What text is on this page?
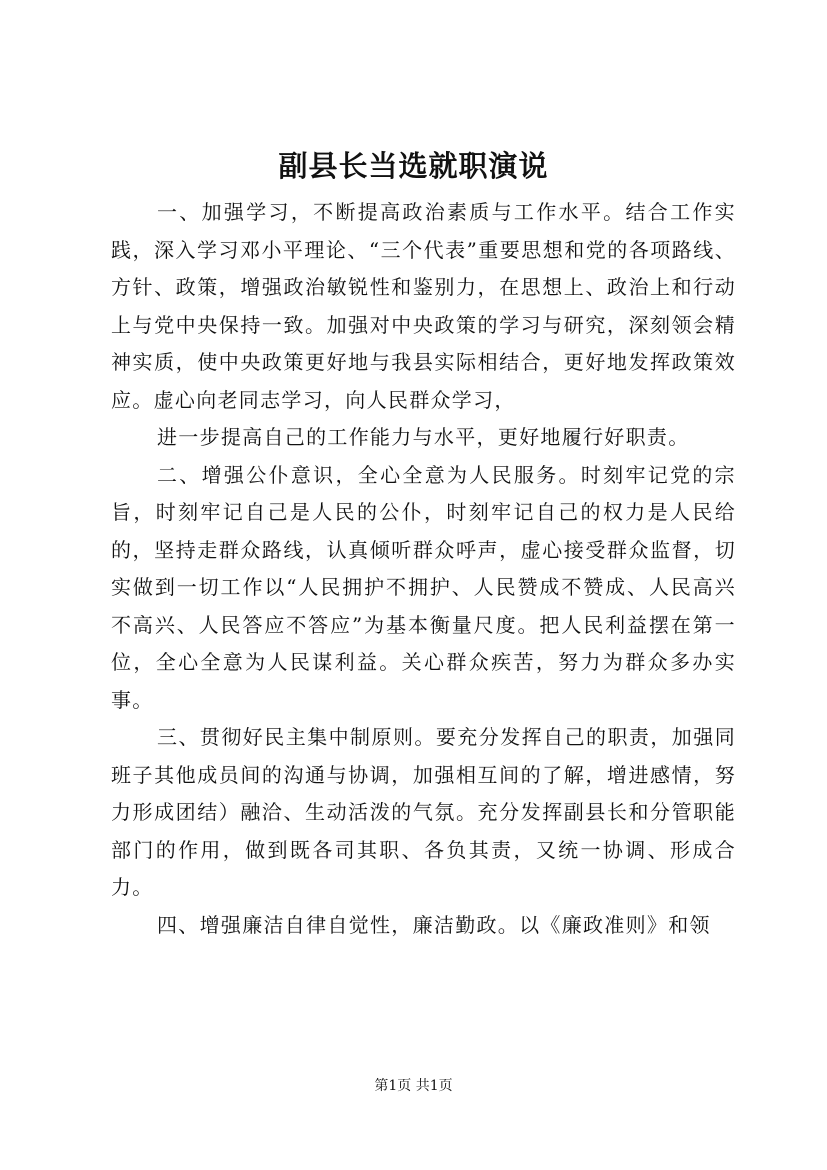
副县长当选就职演说

一、加强学习，不断提高政治素质与工作水平。结合工作实践，深入学习邓小平理论、“三个代表”重要思想和党的各项路线、方针、政策，增强政治敏锐性和鉴别力，在思想上、政治上和行动上与党中央保持一致。加强对中央政策的学习与研究，深刻领会精神实质，使中央政策更好地与我县实际相结合，更好地发挥政策效应。虚心向老同志学习，向人民群众学习，

进一步提高自己的工作能力与水平，更好地履行好职责。

二、增强公仆意识，全心全意为人民服务。时刻牢记党的宗旨，时刻牢记自己是人民的公仆，时刻牢记自己的权力是人民给的，坚持走群众路线，认真倾听群众呼声，虚心接受群众监督，切实做到一切工作以“人民拥护不拥护、人民赞成不赞成、人民高兴不高兴、人民答应不答应”为基本衡量尺度。把人民利益摆在第一位，全心全意为人民谋利益。关心群众疾苦，努力为群众多办实事。

三、贯彻好民主集中制原则。要充分发挥自己的职责，加强同班子其他成员间的沟通与协调，加强相互间的了解，增进感情，努力形成团结）融洽、生动活泼的气氛。充分发挥副县长和分管职能部门的作用，做到既各司其职、各负其责，又统一协调、形成合力。

四、增强廉洁自律自觉性，廉洁勤政。以《廉政准则》和领

第1页 共1页
